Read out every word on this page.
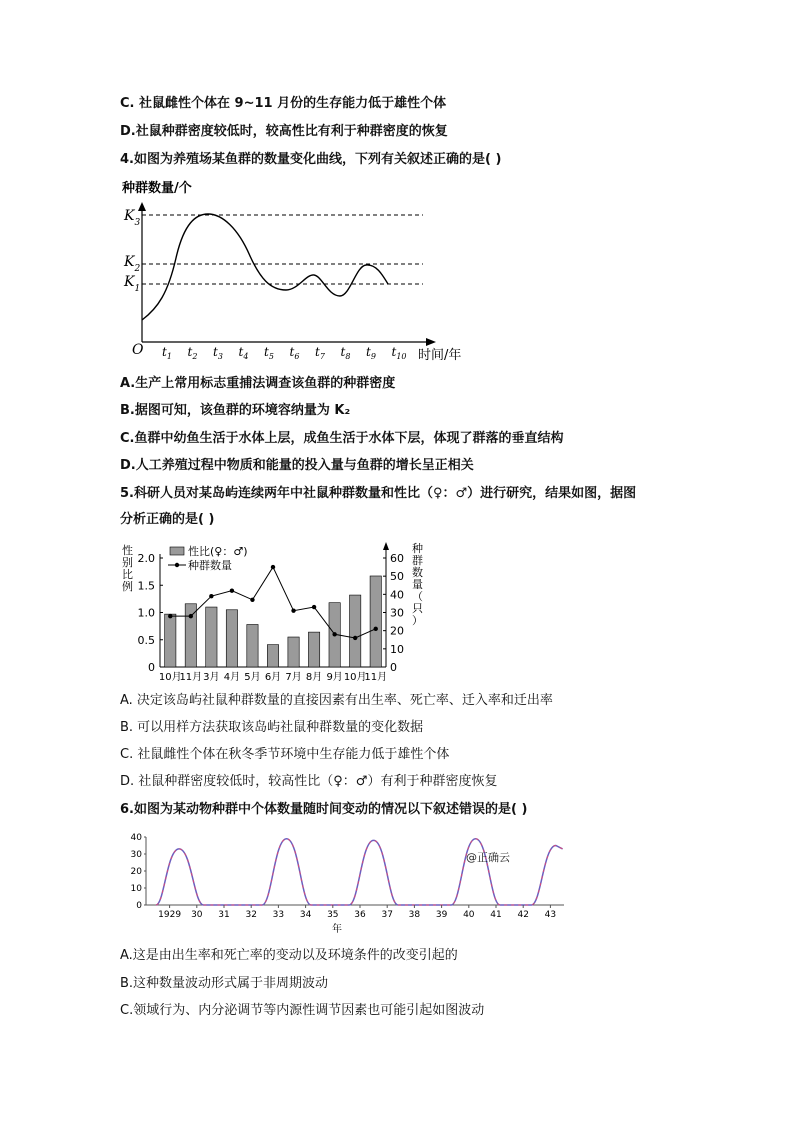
C. 社鼠雌性个体在 9~11 月份的生存能力低于雄性个体
D.社鼠种群密度较低时，较高性比有利于种群密度的恢复
4.如图为养殖场某鱼群的数量变化曲线，下列有关叙述正确的是( )
种群数量/个
$K_3$
$K_2$
$K_1$
O $t_1$ $t_2$ $t_3$ $t_4$ $t_5$ $t_6$ $t_7$ $t_8$ $t_9$ $t_{10}$ 时间/年
A.生产上常用标志重捕法调查该鱼群的种群密度
B.据图可知，该鱼群的环境容纳量为 K₂
C.鱼群中幼鱼生活于水体上层，成鱼生活于水体下层，体现了群落的垂直结构
D.人工养殖过程中物质和能量的投入量与鱼群的增长呈正相关
5.科研人员对某岛屿连续两年中社鼠种群数量和性比（♀：♂）进行研究，结果如图，据图
分析正确的是( )
性
别
比
例
种
群
数
量
（
只
）
0
0.5
1.0
1.5
2.0
0
10
20
30
40
50
60
性比(♀：♂)
种群数量
10月
11月 3月 4月 5月 6月 7月 8月 9月 10月
11月
A. 决定该岛屿社鼠种群数量的直接因素有出生率、死亡率、迁入率和迁出率
B. 可以用样方法获取该岛屿社鼠种群数量的变化数据
C. 社鼠雌性个体在秋冬季节环境中生存能力低于雄性个体
D. 社鼠种群密度较低时，较高性比（♀：♂）有利于种群密度恢复
6.如图为某动物种群中个体数量随时间变动的情况以下叙述错误的是( )
0
10
20
30
40
1929 30 31 32 33 34 35 36 37 38 39 40 41 42 43
年
@正确云
A.这是由出生率和死亡率的变动以及环境条件的改变引起的
B.这种数量波动形式属于非周期波动
C.领域行为、内分泌调节等内源性调节因素也可能引起如图波动
